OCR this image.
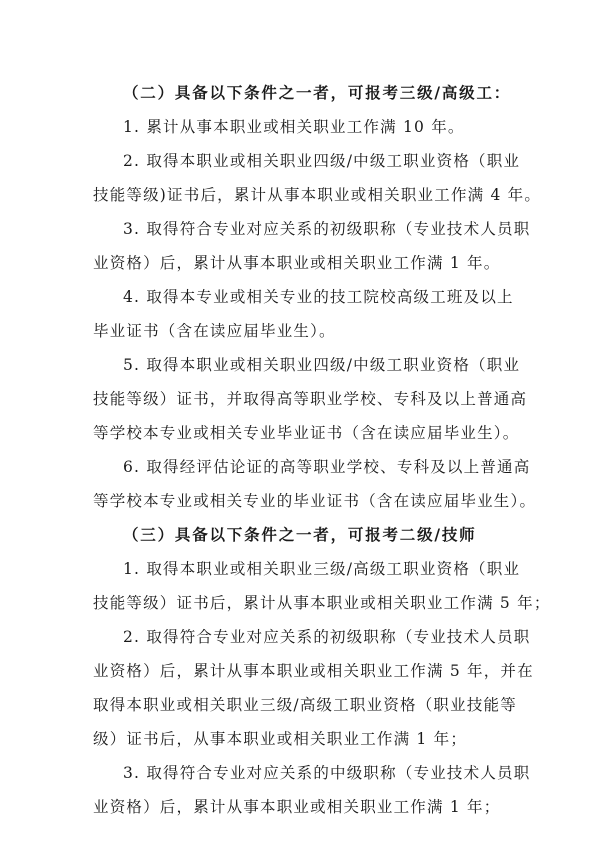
（二）具备以下条件之一者，可报考三级/高级工：
1. 累计从事本职业或相关职业工作满 10 年。
2. 取得本职业或相关职业四级/中级工职业资格（职业
技能等级)证书后，累计从事本职业或相关职业工作满 4 年。
3. 取得符合专业对应关系的初级职称（专业技术人员职
业资格）后，累计从事本职业或相关职业工作满 1 年。
4. 取得本专业或相关专业的技工院校高级工班及以上
毕业证书（含在读应届毕业生）。
5. 取得本职业或相关职业四级/中级工职业资格（职业
技能等级）证书，并取得高等职业学校、专科及以上普通高
等学校本专业或相关专业毕业证书（含在读应届毕业生）。
6. 取得经评估论证的高等职业学校、专科及以上普通高
等学校本专业或相关专业的毕业证书（含在读应届毕业生）。
（三）具备以下条件之一者，可报考二级/技师
1. 取得本职业或相关职业三级/高级工职业资格（职业
技能等级）证书后，累计从事本职业或相关职业工作满 5 年；
2. 取得符合专业对应关系的初级职称（专业技术人员职
业资格）后，累计从事本职业或相关职业工作满 5 年，并在
取得本职业或相关职业三级/高级工职业资格（职业技能等
级）证书后，从事本职业或相关职业工作满 1 年；
3. 取得符合专业对应关系的中级职称（专业技术人员职
业资格）后，累计从事本职业或相关职业工作满 1 年；
